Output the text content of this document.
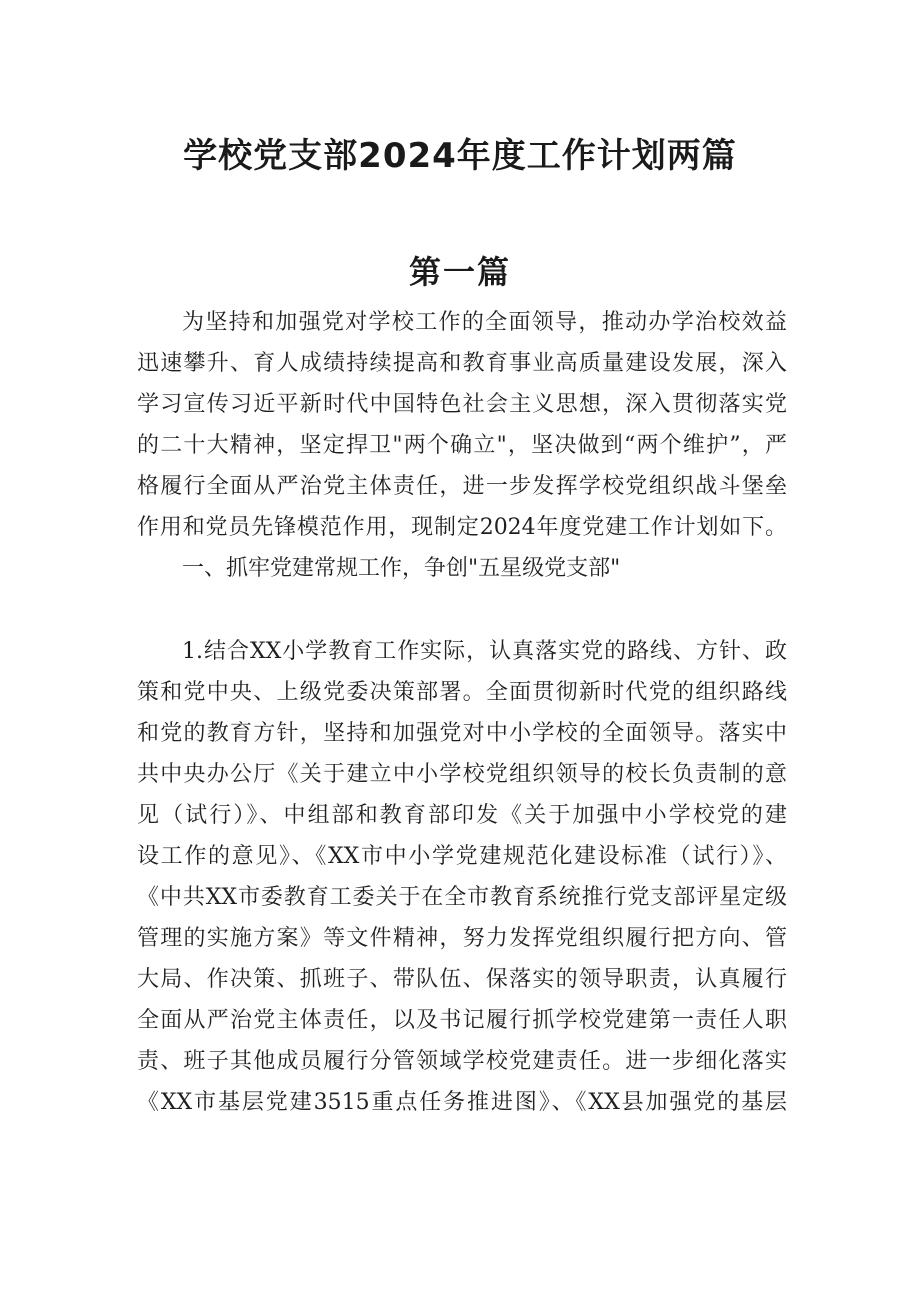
学校党支部2024年度工作计划两篇
第一篇
为坚持和加强党对学校工作的全面领导，推动办学治校效益
迅速攀升、育人成绩持续提高和教育事业高质量建设发展，深入
学习宣传习近平新时代中国特色社会主义思想，深入贯彻落实党
的二十大精神，坚定捍卫"两个确立"，坚决做到“两个维护”，严
格履行全面从严治党主体责任，进一步发挥学校党组织战斗堡垒
作用和党员先锋模范作用，现制定2024年度党建工作计划如下。
一、抓牢党建常规工作，争创"五星级党支部"
1.结合XX小学教育工作实际，认真落实党的路线、方针、政
策和党中央、上级党委决策部署。全面贯彻新时代党的组织路线
和党的教育方针，坚持和加强党对中小学校的全面领导。落实中
共中央办公厅《关于建立中小学校党组织领导的校长负责制的意
见（试行）》、中组部和教育部印发《关于加强中小学校党的建
设工作的意见》、《XX市中小学党建规范化建设标准（试行）》、
《中共XX市委教育工委关于在全市教育系统推行党支部评星定级
管理的实施方案》等文件精神，努力发挥党组织履行把方向、管
大局、作决策、抓班子、带队伍、保落实的领导职责，认真履行
全面从严治党主体责任，以及书记履行抓学校党建第一责任人职
责、班子其他成员履行分管领域学校党建责任。进一步细化落实
《XX市基层党建3515重点任务推进图》、《XX县加强党的基层
